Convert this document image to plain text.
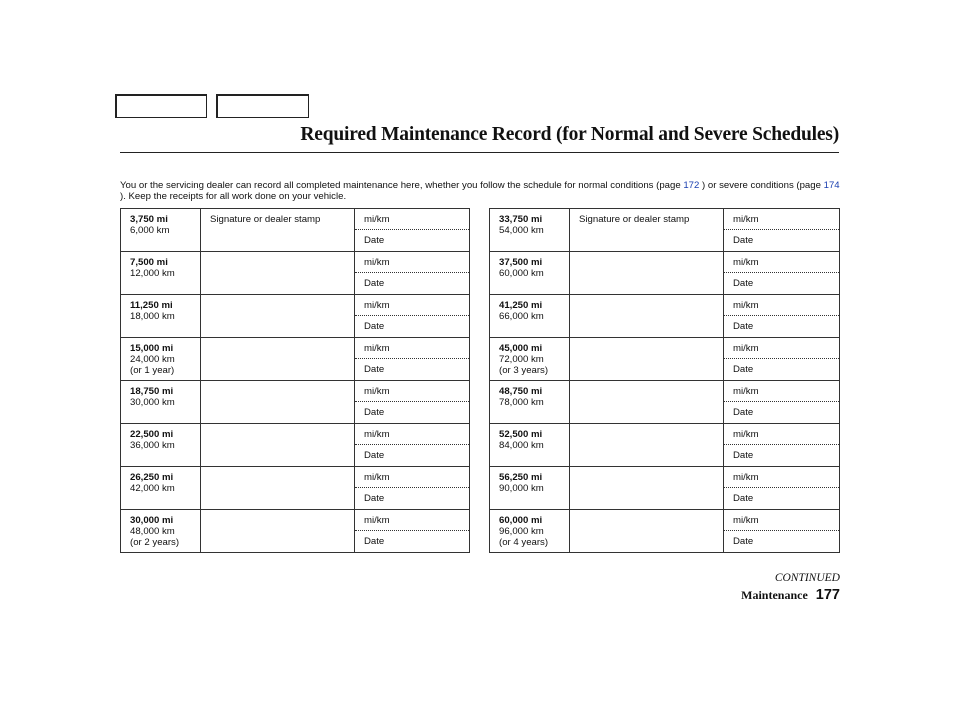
Required Maintenance Record (for Normal and Severe Schedules)
You or the servicing dealer can record all completed maintenance here, whether you follow the schedule for normal conditions (page 172 ) or severe conditions (page 174 ). Keep the receipts for all work done on your vehicle.
3,750 mi
6,000 km	Signature or dealer stamp	mi/km
		Date
7,500 mi
12,000 km		mi/km
		Date
11,250 mi
18,000 km		mi/km
		Date
15,000 mi
24,000 km
(or 1 year)		mi/km
		Date
18,750 mi
30,000 km		mi/km
		Date
22,500 mi
36,000 km		mi/km
		Date
26,250 mi
42,000 km		mi/km
		Date
30,000 mi
48,000 km
(or 2 years)		mi/km
		Date
33,750 mi
54,000 km	Signature or dealer stamp	mi/km
		Date
37,500 mi
60,000 km		mi/km
		Date
41,250 mi
66,000 km		mi/km
		Date
45,000 mi
72,000 km
(or 3 years)		mi/km
		Date
48,750 mi
78,000 km		mi/km
		Date
52,500 mi
84,000 km		mi/km
		Date
56,250 mi
90,000 km		mi/km
		Date
60,000 mi
96,000 km
(or 4 years)		mi/km
		Date
CONTINUED
Maintenance 177
